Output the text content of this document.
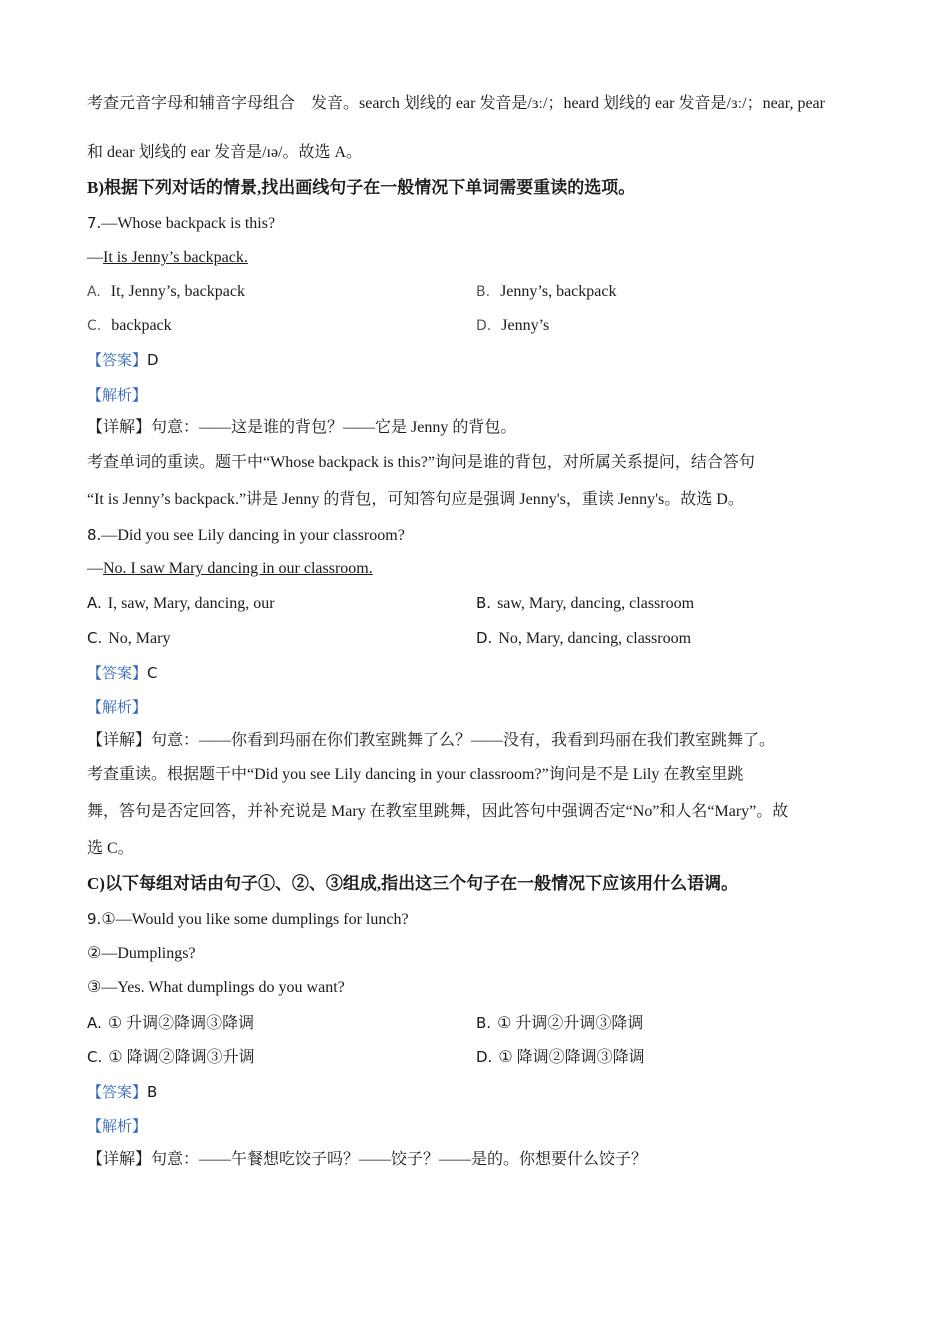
考查元音字母和辅音字母组合　发音。search 划线的 ear 发音是/ɜː/；heard 划线的 ear 发音是/ɜː/；near, pear
和 dear 划线的 ear 发音是/ɪə/。故选 A。
B)根据下列对话的情景,找出画线句子在一般情况下单词需要重读的选项。
7.—Whose backpack is this?
—It is Jenny’s backpack.
A. It, Jenny’s, backpack	B. Jenny’s, backpack
C. backpack	D. Jenny’s
【答案】D
【解析】
【详解】句意：——这是谁的背包？——它是 Jenny 的背包。
考查单词的重读。题干中“Whose backpack is this?”询问是谁的背包，对所属关系提问，结合答句
“It is Jenny’s backpack.”讲是 Jenny 的背包，可知答句应是强调 Jenny's，重读 Jenny's。故选 D。
8.—Did you see Lily dancing in your classroom?
—No. I saw Mary dancing in our classroom.
A. I, saw, Mary, dancing, our	B. saw, Mary, dancing, classroom
C. No, Mary	D. No, Mary, dancing, classroom
【答案】C
【解析】
【详解】句意：——你看到玛丽在你们教室跳舞了么？——没有，我看到玛丽在我们教室跳舞了。
考查重读。根据题干中“Did you see Lily dancing in your classroom?”询问是不是 Lily 在教室里跳
舞，答句是否定回答，并补充说是 Mary 在教室里跳舞，因此答句中强调否定“No”和人名“Mary”。故
选 C。
C)以下每组对话由句子①、②、③组成,指出这三个句子在一般情况下应该用什么语调。
9.①—Would you like some dumplings for lunch?
②—Dumplings?
③—Yes. What dumplings do you want?
A. ① 升调②降调③降调	B. ① 升调②升调③降调
C. ① 降调②降调③升调	D. ① 降调②降调③降调
【答案】B
【解析】
【详解】句意：——午餐想吃饺子吗？——饺子？——是的。你想要什么饺子？
